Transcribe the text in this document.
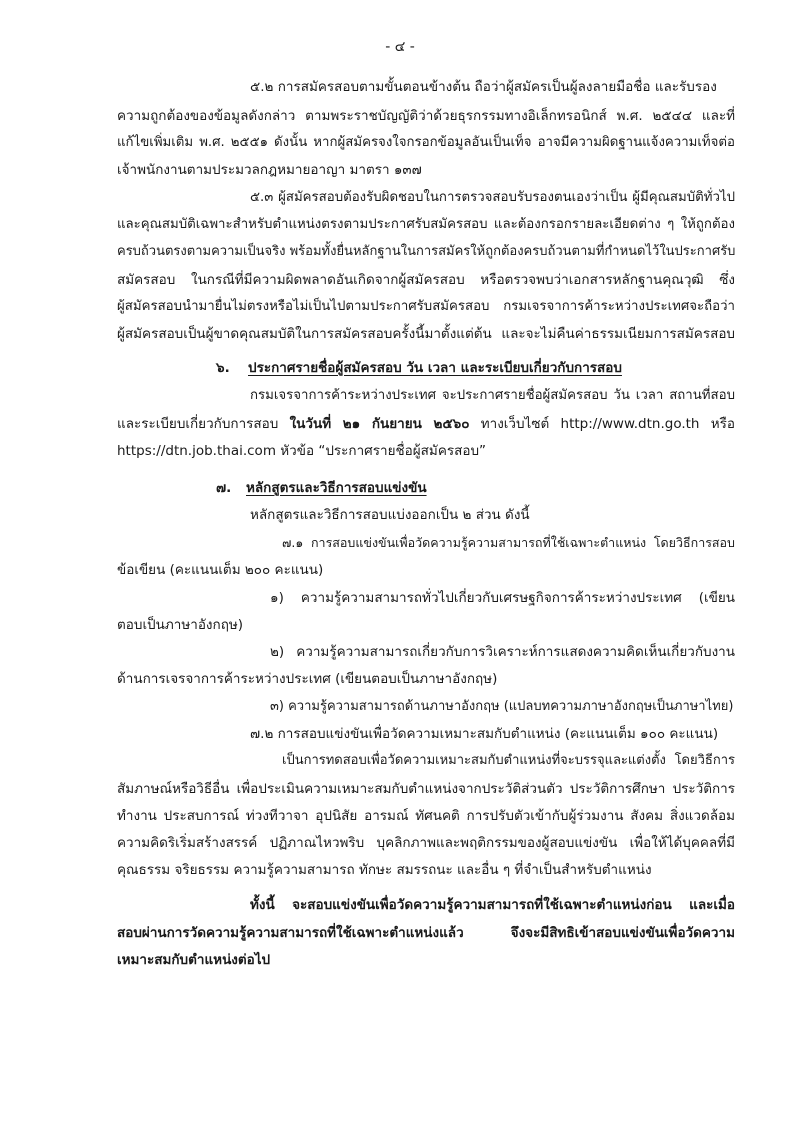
- ๔ -
๕.๒ การสมัครสอบตามขั้นตอนข้างต้น ถือว่าผู้สมัครเป็นผู้ลงลายมือชื่อ และรับรอง
ความถูกต้องของข้อมูลดังกล่าว ตามพระราชบัญญัติว่าด้วยธุรกรรมทางอิเล็กทรอนิกส์ พ.ศ. ๒๕๔๔ และที่
แก้ไขเพิ่มเติม พ.ศ. ๒๕๕๑ ดังนั้น หากผู้สมัครจงใจกรอกข้อมูลอันเป็นเท็จ อาจมีความผิดฐานแจ้งความเท็จต่อ
เจ้าพนักงานตามประมวลกฎหมายอาญา มาตรา ๑๓๗
๕.๓ ผู้สมัครสอบต้องรับผิดชอบในการตรวจสอบรับรองตนเองว่าเป็น ผู้มีคุณสมบัติทั่วไป
และคุณสมบัติเฉพาะสำหรับตำแหน่งตรงตามประกาศรับสมัครสอบ และต้องกรอกรายละเอียดต่าง ๆ ให้ถูกต้อง
ครบถ้วนตรงตามความเป็นจริง พร้อมทั้งยื่นหลักฐานในการสมัครให้ถูกต้องครบถ้วนตามที่กำหนดไว้ในประกาศรับ
สมัครสอบ ในกรณีที่มีความผิดพลาดอันเกิดจากผู้สมัครสอบ หรือตรวจพบว่าเอกสารหลักฐานคุณวุฒิ ซึ่ง
ผู้สมัครสอบนำมายื่นไม่ตรงหรือไม่เป็นไปตามประกาศรับสมัครสอบ กรมเจรจาการค้าระหว่างประเทศจะถือว่า
ผู้สมัครสอบเป็นผู้ขาดคุณสมบัติในการสมัครสอบครั้งนี้มาตั้งแต่ต้น และจะไม่คืนค่าธรรมเนียมการสมัครสอบ
๖. ประกาศรายชื่อผู้สมัครสอบ วัน เวลา และระเบียบเกี่ยวกับการสอบ
กรมเจรจาการค้าระหว่างประเทศ จะประกาศรายชื่อผู้สมัครสอบ วัน เวลา สถานที่สอบ
และระเบียบเกี่ยวกับการสอบ ในวันที่ ๒๑ กันยายน ๒๕๖๐ ทางเว็บไซต์ http://www.dtn.go.th หรือ
https://dtn.job.thai.com หัวข้อ “ประกาศรายชื่อผู้สมัครสอบ”
๗. หลักสูตรและวิธีการสอบแข่งขัน
หลักสูตรและวิธีการสอบแบ่งออกเป็น ๒ ส่วน ดังนี้
๗.๑ การสอบแข่งขันเพื่อวัดความรู้ความสามารถที่ใช้เฉพาะตำแหน่ง โดยวิธีการสอบ
ข้อเขียน (คะแนนเต็ม ๒๐๐ คะแนน)
๑) ความรู้ความสามารถทั่วไปเกี่ยวกับเศรษฐกิจการค้าระหว่างประเทศ (เขียน
ตอบเป็นภาษาอังกฤษ)
๒) ความรู้ความสามารถเกี่ยวกับการวิเคราะห์การแสดงความคิดเห็นเกี่ยวกับงาน
ด้านการเจรจาการค้าระหว่างประเทศ (เขียนตอบเป็นภาษาอังกฤษ)
๓) ความรู้ความสามารถด้านภาษาอังกฤษ (แปลบทความภาษาอังกฤษเป็นภาษาไทย)
๗.๒ การสอบแข่งขันเพื่อวัดความเหมาะสมกับตำแหน่ง (คะแนนเต็ม ๑๐๐ คะแนน)
เป็นการทดสอบเพื่อวัดความเหมาะสมกับตำแหน่งที่จะบรรจุและแต่งตั้ง โดยวิธีการ
สัมภาษณ์หรือวิธีอื่น เพื่อประเมินความเหมาะสมกับตำแหน่งจากประวัติส่วนตัว ประวัติการศึกษา ประวัติการ
ทำงาน ประสบการณ์ ท่วงทีวาจา อุปนิสัย อารมณ์ ทัศนคติ การปรับตัวเข้ากับผู้ร่วมงาน สังคม สิ่งแวดล้อม
ความคิดริเริ่มสร้างสรรค์ ปฏิภาณไหวพริบ บุคลิกภาพและพฤติกรรมของผู้สอบแข่งขัน เพื่อให้ได้บุคคลที่มี
คุณธรรม จริยธรรม ความรู้ความสามารถ ทักษะ สมรรถนะ และอื่น ๆ ที่จำเป็นสำหรับตำแหน่ง
ทั้งนี้ จะสอบแข่งขันเพื่อวัดความรู้ความสามารถที่ใช้เฉพาะตำแหน่งก่อน และเมื่อ
สอบผ่านการวัดความรู้ความสามารถที่ใช้เฉพาะตำแหน่งแล้ว จึงจะมีสิทธิเข้าสอบแข่งขันเพื่อวัดความ
เหมาะสมกับตำแหน่งต่อไป
